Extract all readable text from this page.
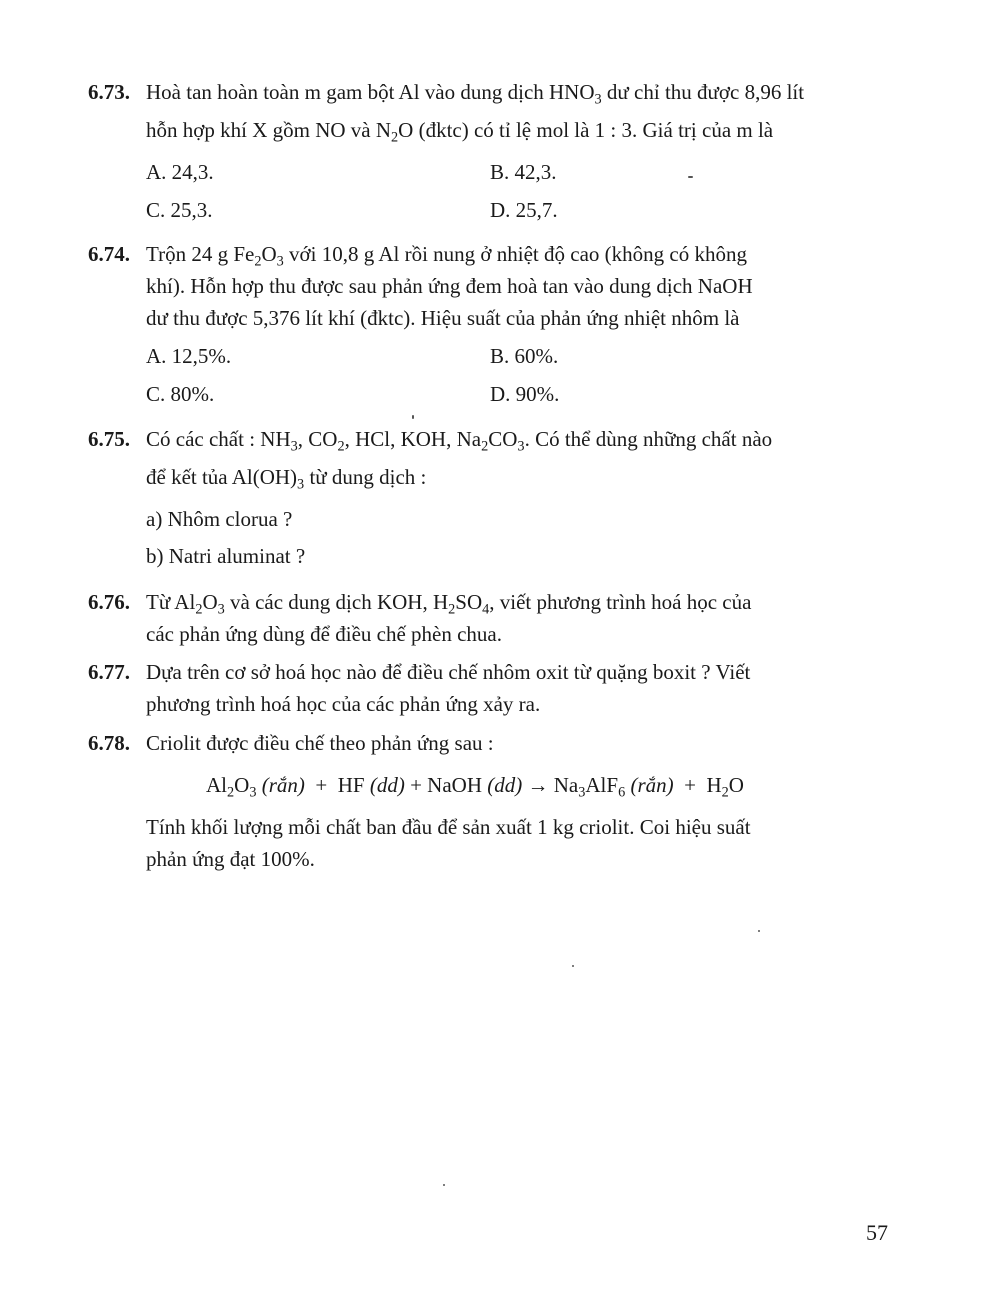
6.73. Hoà tan hoàn toàn m gam bột Al vào dung dịch $HNO_3$ dư chỉ thu được 8,96 lít
hỗn hợp khí X gồm NO và $N_2O$ (đktc) có tỉ lệ mol là 1 : 3. Giá trị của m là
A. 24,3.	B. 42,3.
C. 25,3.	D. 25,7.
6.74. Trộn 24 g $Fe_2O_3$ với 10,8 g Al rồi nung ở nhiệt độ cao (không có không
khí). Hỗn hợp thu được sau phản ứng đem hoà tan vào dung dịch NaOH
dư thu được 5,376 lít khí (đktc). Hiệu suất của phản ứng nhiệt nhôm là
A. 12,5%.	B. 60%.
C. 80%.	D. 90%.
6.75. Có các chất : $NH_3$, $CO_2$, HCl, KOH, $Na_2CO_3$. Có thể dùng những chất nào
để kết tủa $Al(OH)_3$ từ dung dịch :
a) Nhôm clorua ?
b) Natri aluminat ?
6.76. Từ $Al_2O_3$ và các dung dịch KOH, $H_2SO_4$, viết phương trình hoá học của
các phản ứng dùng để điều chế phèn chua.
6.77. Dựa trên cơ sở hoá học nào để điều chế nhôm oxit từ quặng boxit ? Viết
phương trình hoá học của các phản ứng xảy ra.
6.78. Criolit được điều chế theo phản ứng sau :
Tính khối lượng mỗi chất ban đầu để sản xuất 1 kg criolit. Coi hiệu suất
phản ứng đạt 100%.
$Al_2O_3$ (rắn)  +  HF (dd) + NaOH $(dd) \to Na_3AlF_6$ (rắn)  +  $H_2O$
57
